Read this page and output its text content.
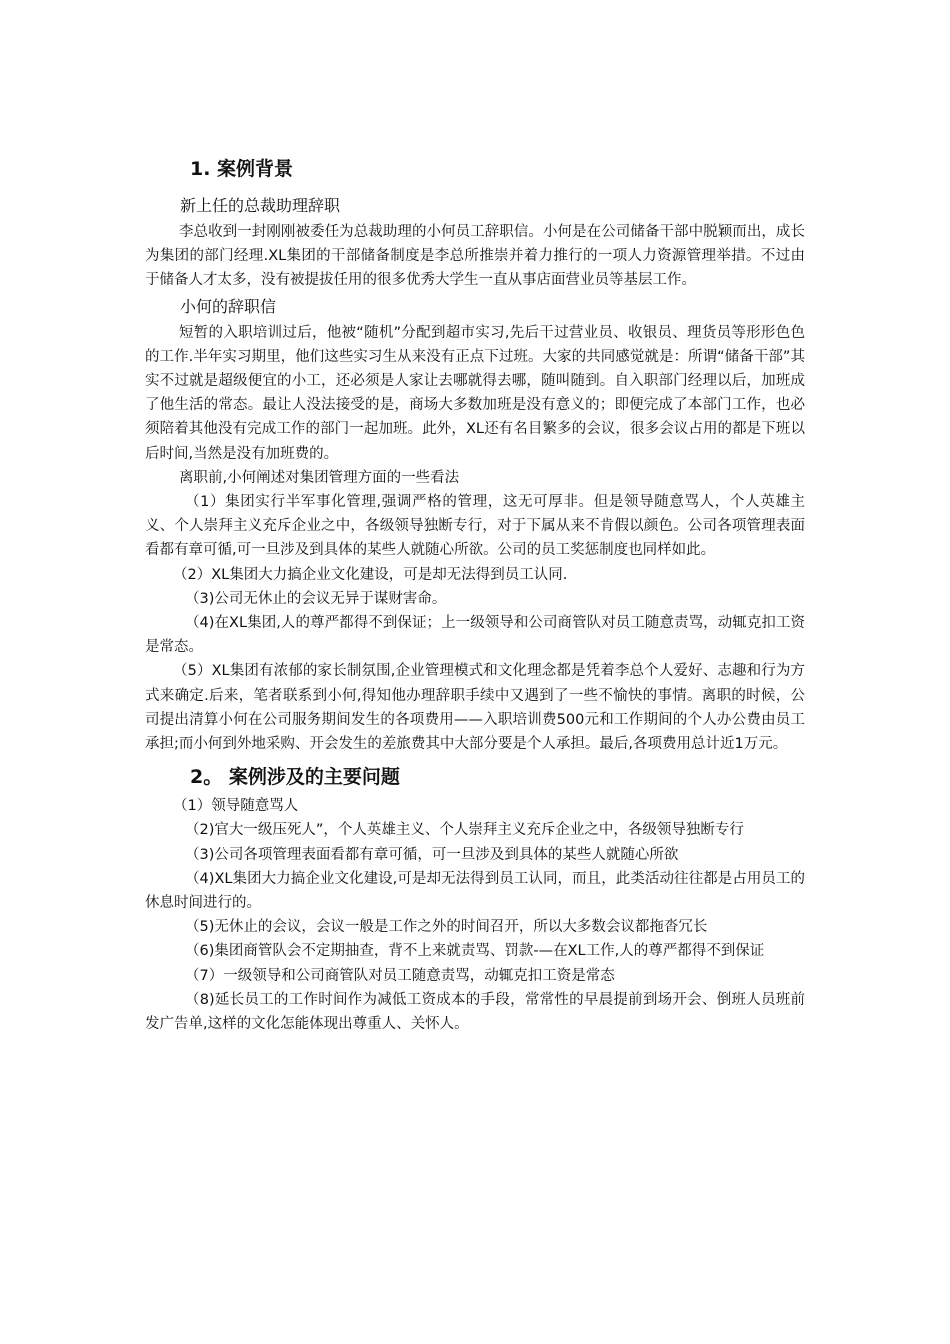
1. 案例背景
新上任的总裁助理辞职

李总收到一封刚刚被委任为总裁助理的小何员工辞职信。小何是在公司储备干部中脱颖而出，成长为集团的部门经理.XL集团的干部储备制度是李总所推崇并着力推行的一项人力资源管理举措。不过由于储备人才太多，没有被提拔任用的很多优秀大学生一直从事店面营业员等基层工作。

小何的辞职信

短暂的入职培训过后，他被“随机”分配到超市实习,先后干过营业员、收银员、理货员等形形色色的工作.半年实习期里，他们这些实习生从来没有正点下过班。大家的共同感觉就是：所谓“储备干部”其实不过就是超级便宜的小工，还必须是人家让去哪就得去哪，随叫随到。自入职部门经理以后，加班成了他生活的常态。最让人没法接受的是，商场大多数加班是没有意义的；即便完成了本部门工作，也必须陪着其他没有完成工作的部门一起加班。此外，XL还有名目繁多的会议，很多会议占用的都是下班以后时间,当然是没有加班费的。

离职前,小何阐述对集团管理方面的一些看法

（1）集团实行半军事化管理,强调严格的管理，这无可厚非。但是领导随意骂人，个人英雄主义、个人崇拜主义充斥企业之中，各级领导独断专行，对于下属从来不肯假以颜色。公司各项管理表面看都有章可循,可一旦涉及到具体的某些人就随心所欲。公司的员工奖惩制度也同样如此。

（2）XL集团大力搞企业文化建设，可是却无法得到员工认同.

（3)公司无休止的会议无异于谋财害命。

（4)在XL集团,人的尊严都得不到保证；上一级领导和公司商管队对员工随意责骂，动辄克扣工资是常态。

（5）XL集团有浓郁的家长制氛围,企业管理模式和文化理念都是凭着李总个人爱好、志趣和行为方式来确定.后来，笔者联系到小何,得知他办理辞职手续中又遇到了一些不愉快的事情。离职的时候，公司提出清算小何在公司服务期间发生的各项费用——入职培训费500元和工作期间的个人办公费由员工承担;而小何到外地采购、开会发生的差旅费其中大部分要是个人承担。最后,各项费用总计近1万元。

2。 案例涉及的主要问题

（1）领导随意骂人

（2)官大一级压死人”，个人英雄主义、个人崇拜主义充斥企业之中，各级领导独断专行

（3)公司各项管理表面看都有章可循，可一旦涉及到具体的某些人就随心所欲

（4)XL集团大力搞企业文化建设,可是却无法得到员工认同，而且，此类活动往往都是占用员工的休息时间进行的。

（5)无休止的会议，会议一般是工作之外的时间召开，所以大多数会议都拖沓冗长

（6)集团商管队会不定期抽查，背不上来就责骂、罚款-—在XL工作,人的尊严都得不到保证

（7）一级领导和公司商管队对员工随意责骂，动辄克扣工资是常态

（8)延长员工的工作时间作为减低工资成本的手段，常常性的早晨提前到场开会、倒班人员班前发广告单,这样的文化怎能体现出尊重人、关怀人。
